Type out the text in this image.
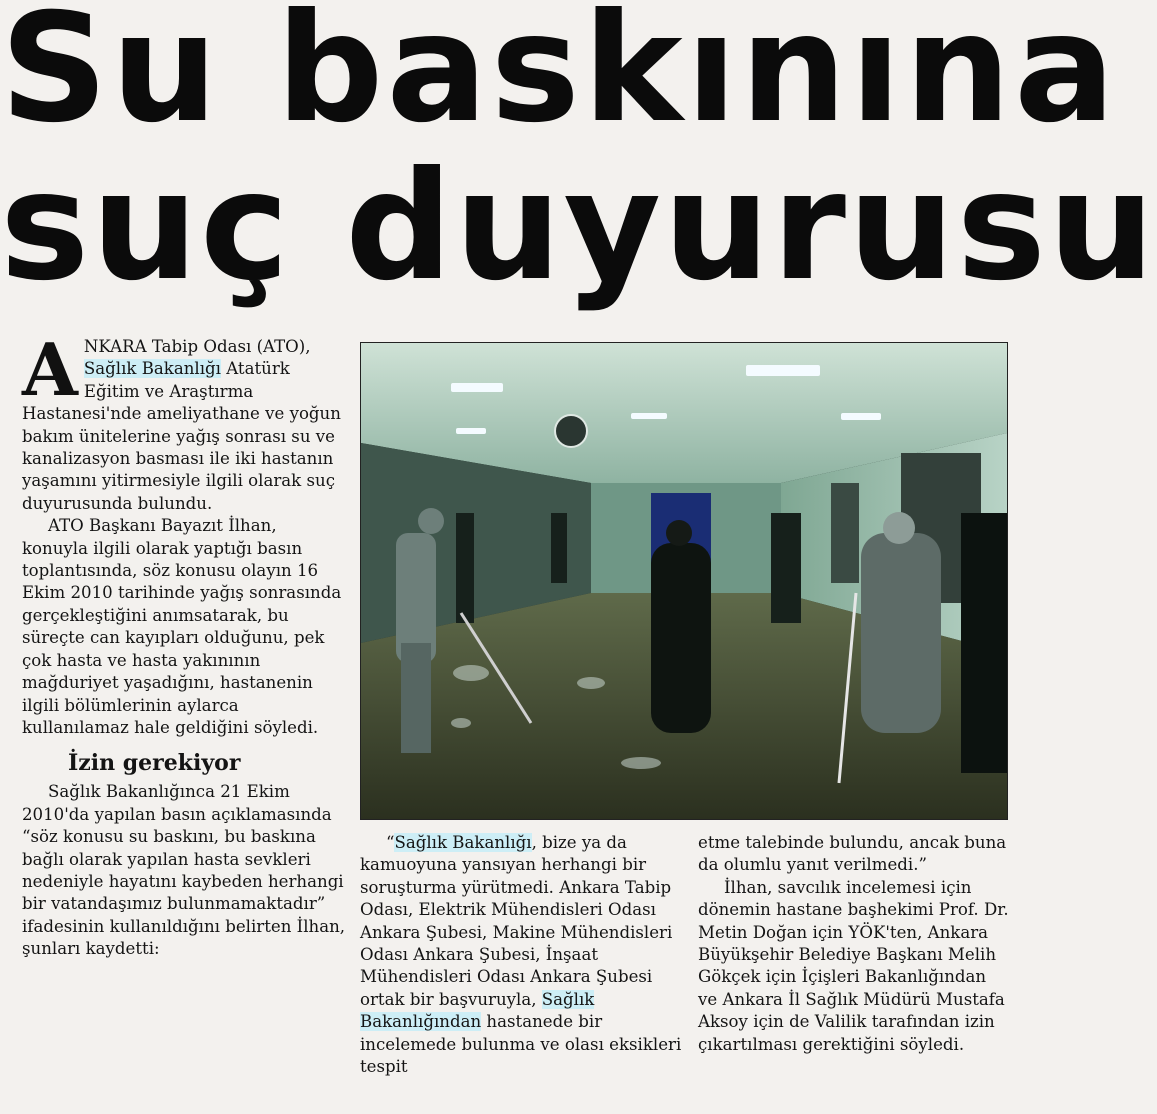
Su baskınına
suç duyurusu

ANKARA Tabip Odası (ATO), Sağlık Bakanlığı Atatürk Eğitim ve Araştırma Hastanesi'nde ameliyathane ve yoğun bakım ünitelerine yağış sonrası su ve kanalizasyon basması ile iki hastanın yaşamını yitirmesiyle ilgili olarak suç duyurusunda bulundu.

ATO Başkanı Bayazıt İlhan, konuyla ilgili olarak yaptığı basın toplantısında, söz konusu olayın 16 Ekim 2010 tarihinde yağış sonrasında gerçekleştiğini anımsatarak, bu süreçte can kayıpları olduğunu, pek çok hasta ve hasta yakınının mağduriyet yaşadığını, hastanenin ilgili bölümlerinin aylarca kullanılamaz hale geldiğini söyledi.

İzin gerekiyor

Sağlık Bakanlığınca 21 Ekim 2010'da yapılan basın açıklamasında “söz konusu su baskını, bu baskına bağlı olarak yapılan hasta sevkleri nedeniyle hayatını kaybeden herhangi bir vatandaşımız bulunmamaktadır” ifadesinin kullanıldığını belirten İlhan, şunları kaydetti:

“Sağlık Bakanlığı, bize ya da kamuoyuna yansıyan herhangi bir soruşturma yürütmedi. Ankara Tabip Odası, Elektrik Mühendisleri Odası Ankara Şubesi, Makine Mühendisleri Odası Ankara Şubesi, İnşaat Mühendisleri Odası Ankara Şubesi ortak bir başvuruyla, Sağlık Bakanlığından hastanede bir incelemede bulunma ve olası eksikleri tespit

etme talebinde bulundu, ancak buna da olumlu yanıt verilmedi.”

İlhan, savcılık incelemesi için dönemin hastane başhekimi Prof. Dr. Metin Doğan için YÖK'ten, Ankara Büyükşehir Belediye Başkanı Melih Gökçek için İçişleri Bakanlığından ve Ankara İl Sağlık Müdürü Mustafa Aksoy için de Valilik tarafından izin çıkartılması gerektiğini söyledi.
